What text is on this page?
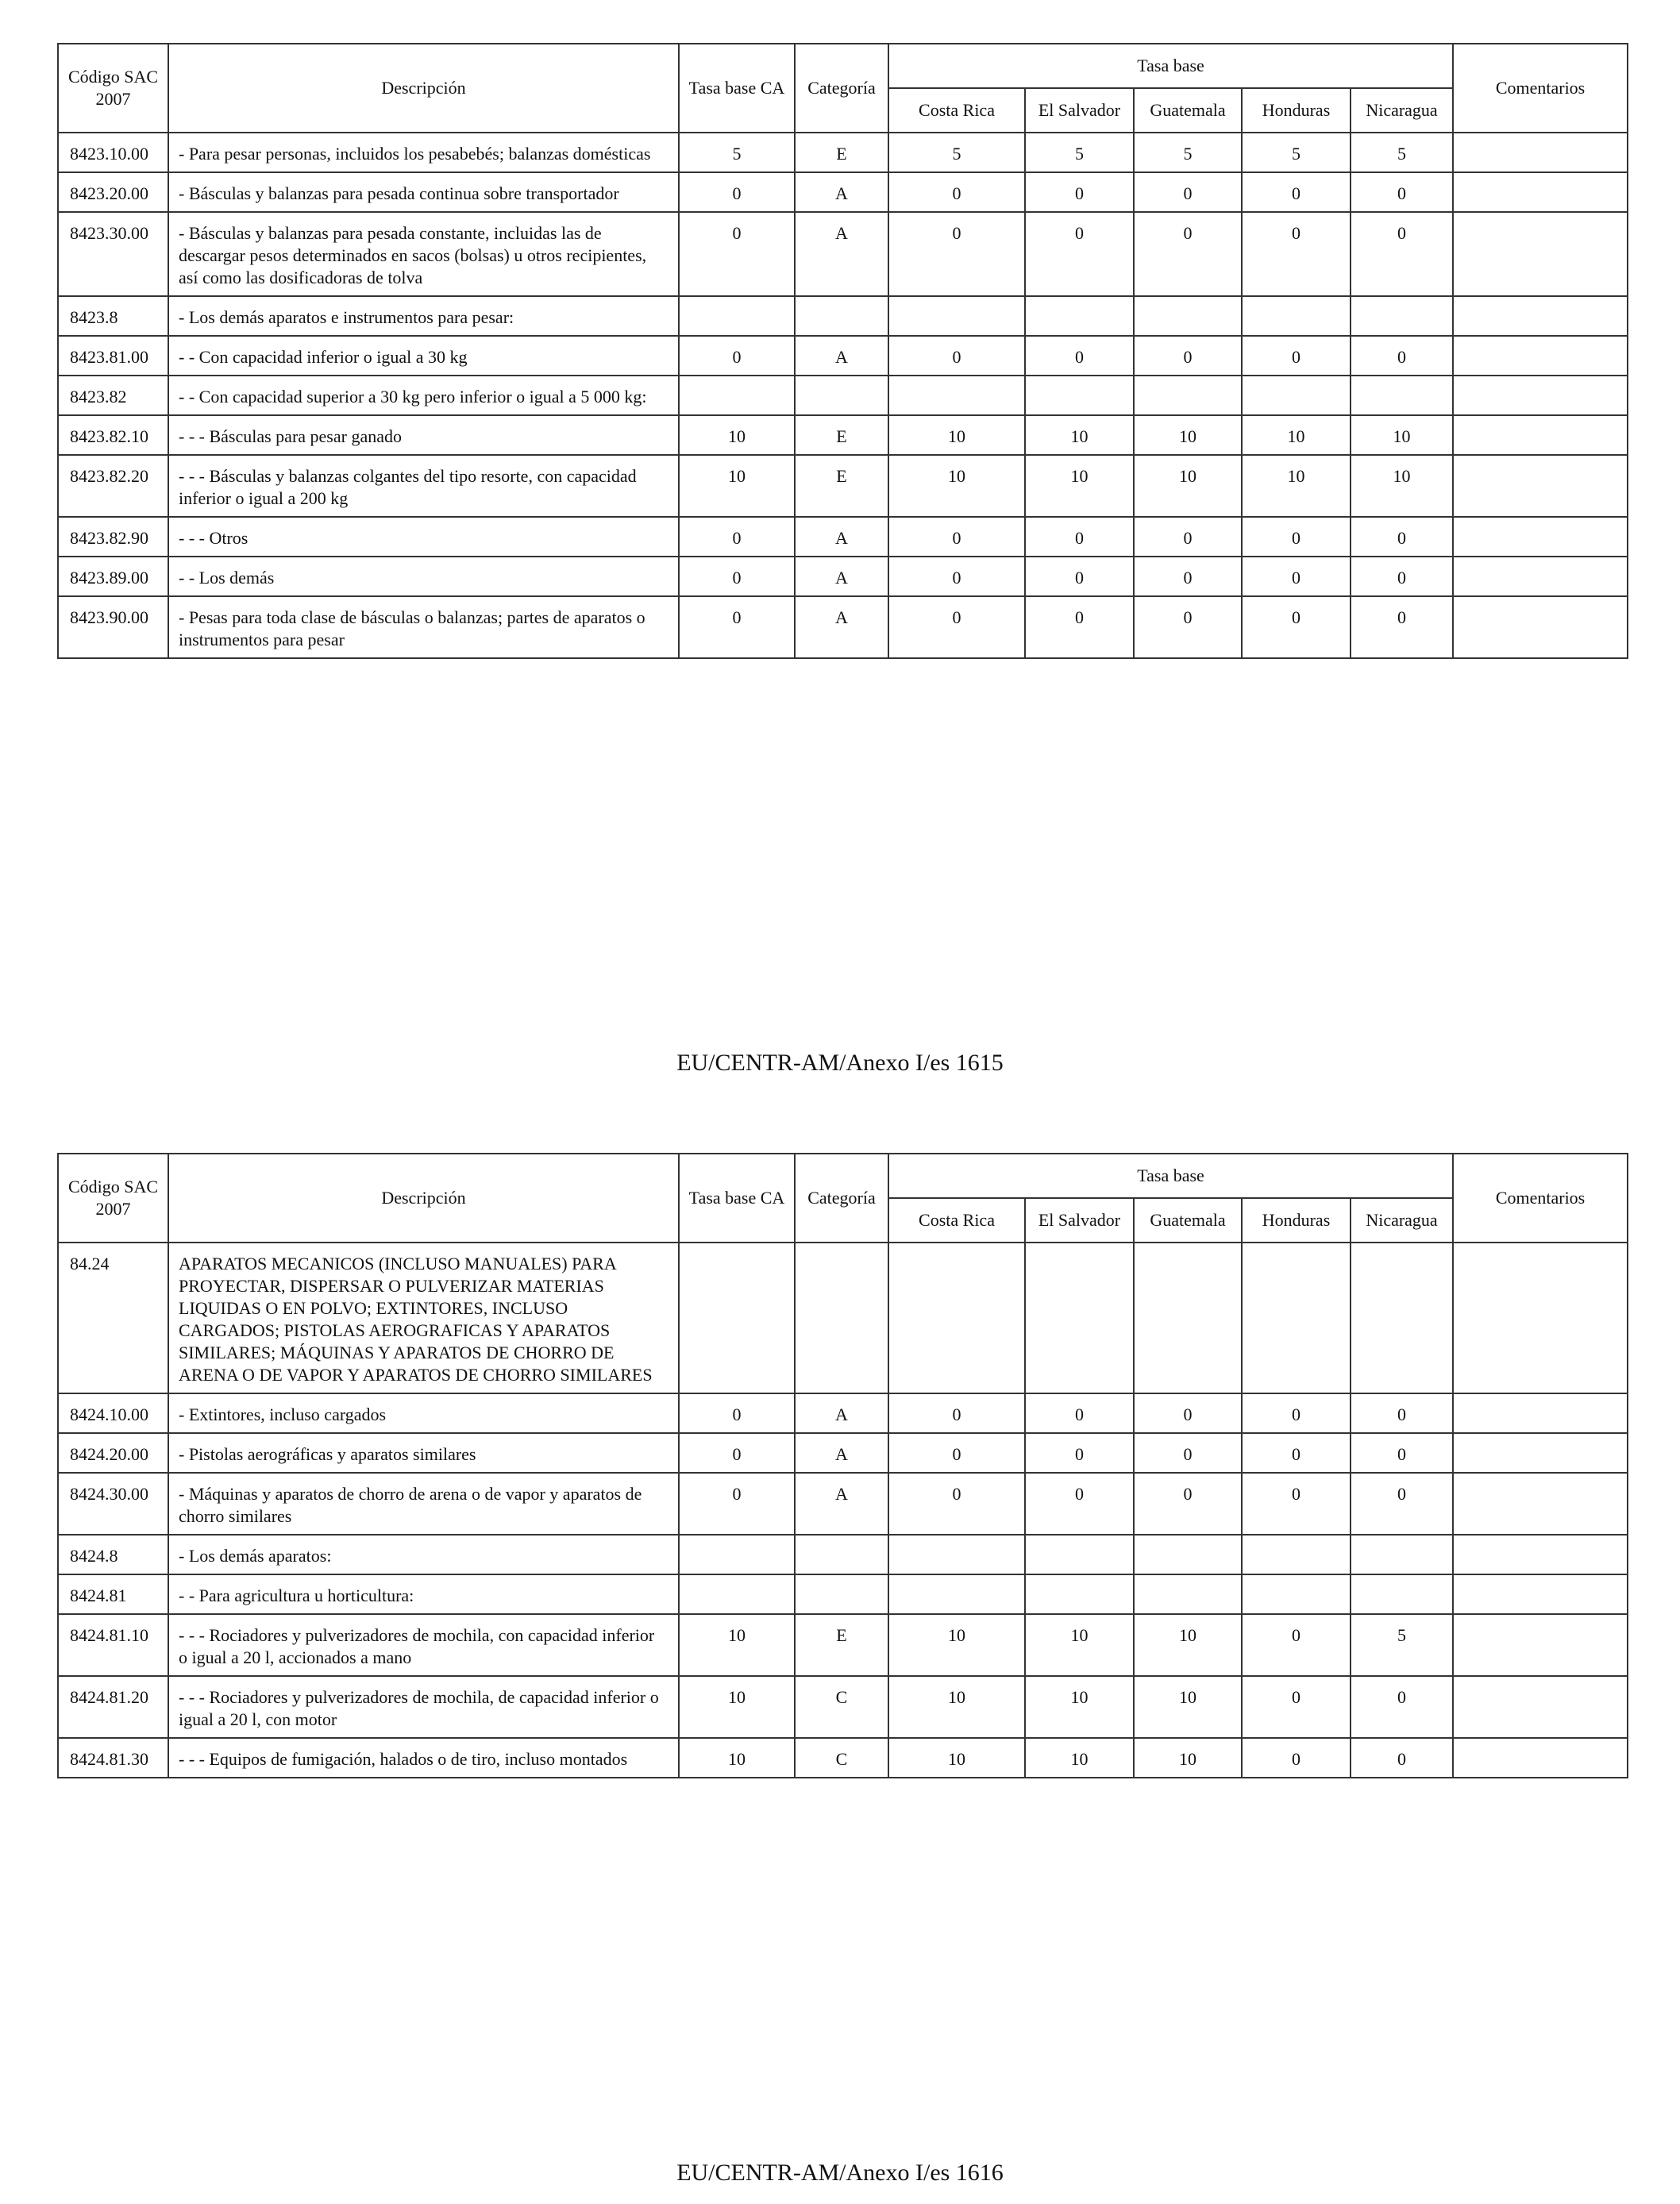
Código SAC 2007	Descripción	Tasa base CA	Categoría	Tasa base					Comentarios
				Costa Rica	El Salvador	Guatemala	Honduras	Nicaragua	
8423.10.00	- Para pesar personas, incluidos los pesabebés; balanzas domésticas	5	E	5	5	5	5	5	
8423.20.00	- Básculas y balanzas para pesada continua sobre transportador	0	A	0	0	0	0	0	
8423.30.00	- Básculas y balanzas para pesada constante, incluidas las de descargar pesos determinados en sacos (bolsas) u otros recipientes, así como las dosificadoras de tolva	0	A	0	0	0	0	0	
8423.8	- Los demás aparatos e instrumentos para pesar:								
8423.81.00	- - Con capacidad inferior o igual a 30 kg	0	A	0	0	0	0	0	
8423.82	- - Con capacidad superior a 30 kg pero inferior o igual a 5 000 kg:								
8423.82.10	- - - Básculas para pesar ganado	10	E	10	10	10	10	10	
8423.82.20	- - - Básculas y balanzas colgantes del tipo resorte, con capacidad inferior o igual a 200 kg	10	E	10	10	10	10	10	
8423.82.90	- - - Otros	0	A	0	0	0	0	0	
8423.89.00	- - Los demás	0	A	0	0	0	0	0	
8423.90.00	- Pesas para toda clase de básculas o balanzas; partes de aparatos o instrumentos para pesar	0	A	0	0	0	0	0	
EU/CENTR-AM/Anexo I/es 1615
Código SAC 2007	Descripción	Tasa base CA	Categoría	Tasa base					Comentarios
				Costa Rica	El Salvador	Guatemala	Honduras	Nicaragua	
84.24	APARATOS MECANICOS (INCLUSO MANUALES) PARA PROYECTAR, DISPERSAR O PULVERIZAR MATERIAS LIQUIDAS O EN POLVO; EXTINTORES, INCLUSO CARGADOS; PISTOLAS AEROGRAFICAS Y APARATOS SIMILARES; MÁQUINAS Y APARATOS DE CHORRO DE ARENA O DE VAPOR Y APARATOS DE CHORRO SIMILARES								
8424.10.00	- Extintores, incluso cargados	0	A	0	0	0	0	0	
8424.20.00	- Pistolas aerográficas y aparatos similares	0	A	0	0	0	0	0	
8424.30.00	- Máquinas y aparatos de chorro de arena o de vapor y aparatos de chorro similares	0	A	0	0	0	0	0	
8424.8	- Los demás aparatos:								
8424.81	- - Para agricultura u horticultura:								
8424.81.10	- - - Rociadores y pulverizadores de mochila, con capacidad inferior o igual a 20 l, accionados a mano	10	E	10	10	10	0	5	
8424.81.20	- - - Rociadores y pulverizadores de mochila, de capacidad inferior o igual a 20 l, con motor	10	C	10	10	10	0	0	
8424.81.30	- - - Equipos de fumigación, halados o de tiro, incluso montados	10	C	10	10	10	0	0	
EU/CENTR-AM/Anexo I/es 1616
